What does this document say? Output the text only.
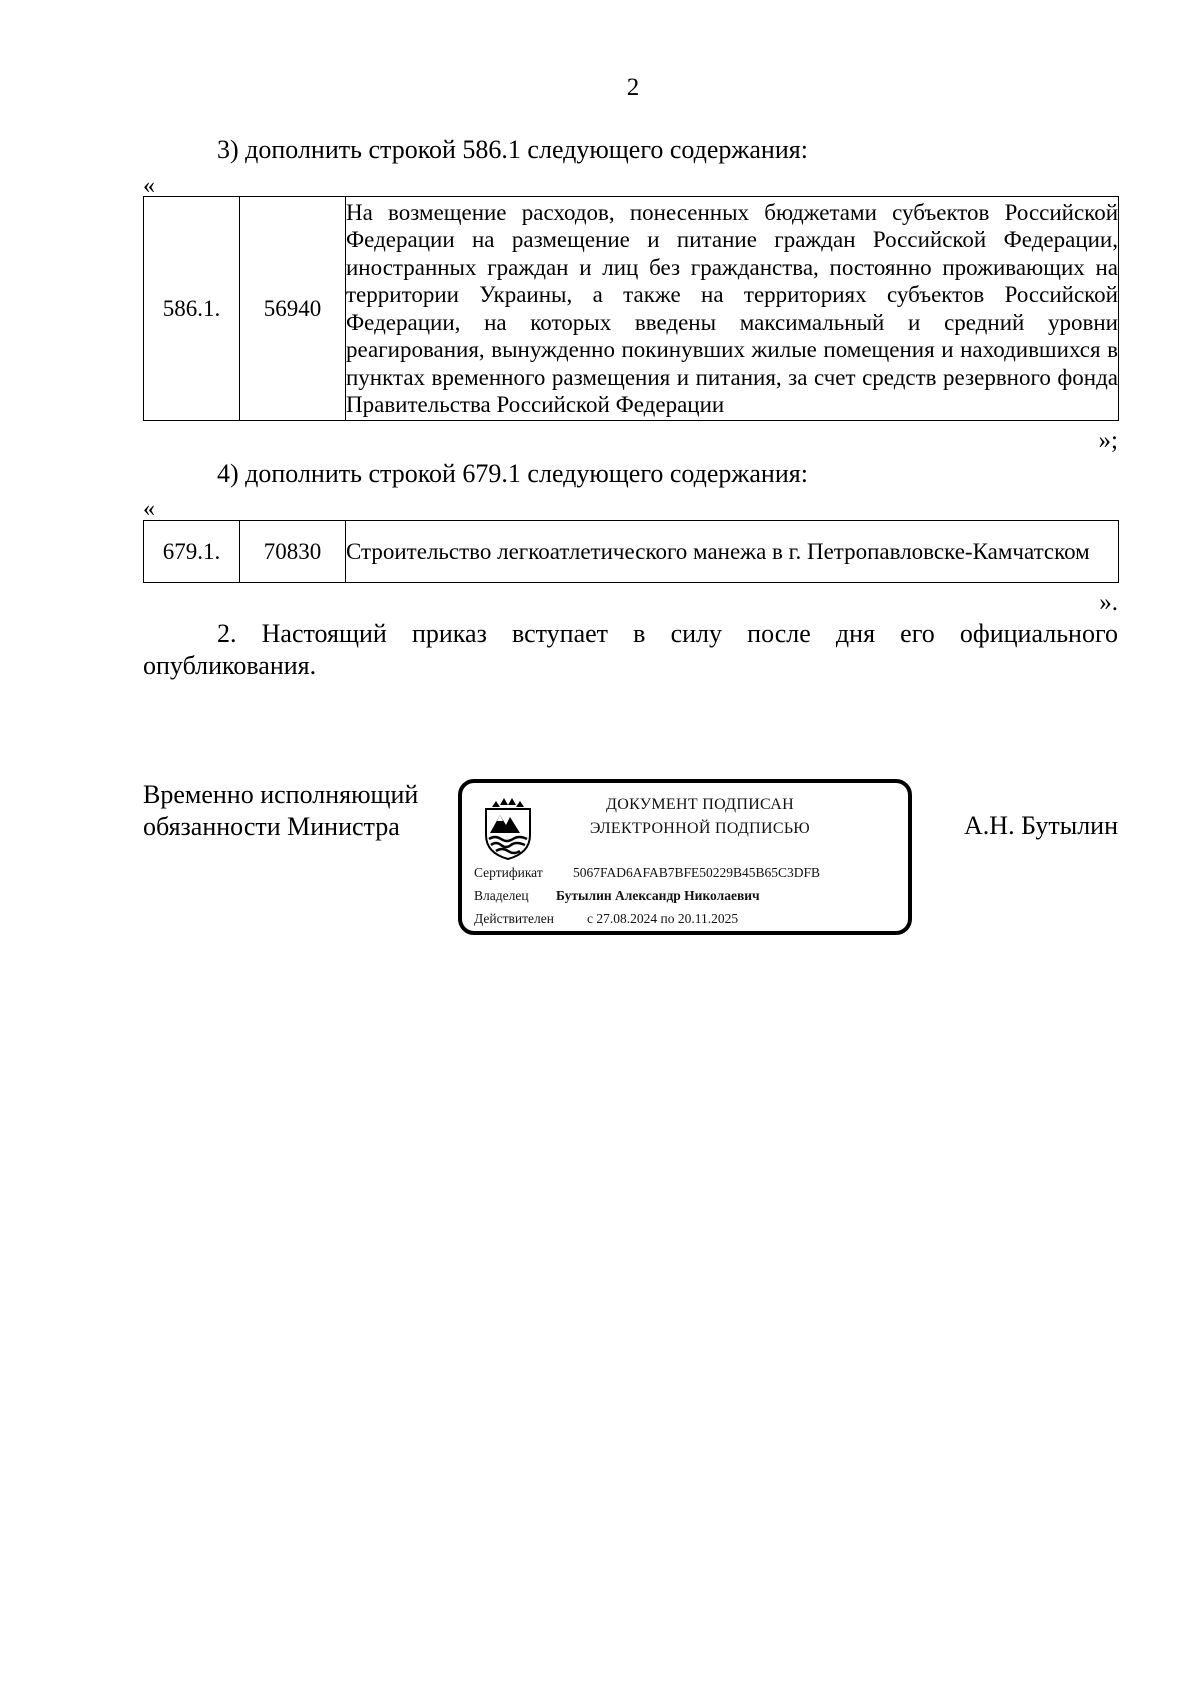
2
3) дополнить строкой 586.1 следующего содержания:
«
586.1.	56940	На возмещение расходов, понесенных бюджетами субъектов Российской Федерации на размещение и питание граждан Российской Федерации, иностранных граждан и лиц без гражданства, постоянно проживающих на территории Украины, а также на территориях субъектов Российской Федерации, на которых введены максимальный и средний уровни реагирования, вынужденно покинувших жилые помещения и находившихся в пунктах временного размещения и питания, за счет средств резервного фонда Правительства Российской Федерации
»;
4) дополнить строкой 679.1 следующего содержания:
«
679.1.	70830	Строительство легкоатлетического манежа в г. Петропавловске-Камчатском
».
2. Настоящий приказ вступает в силу после дня его официального опубликования.
Временно исполняющий
обязанности Министра
ДОКУМЕНТ ПОДПИСАН
ЭЛЕКТРОННОЙ ПОДПИСЬЮ
Сертификат 5067FAD6AFAB7BFE50229B45B65C3DFB
Владелец Бутылин Александр Николаевич
Действителен с 27.08.2024 по 20.11.2025
А.Н. Бутылин
